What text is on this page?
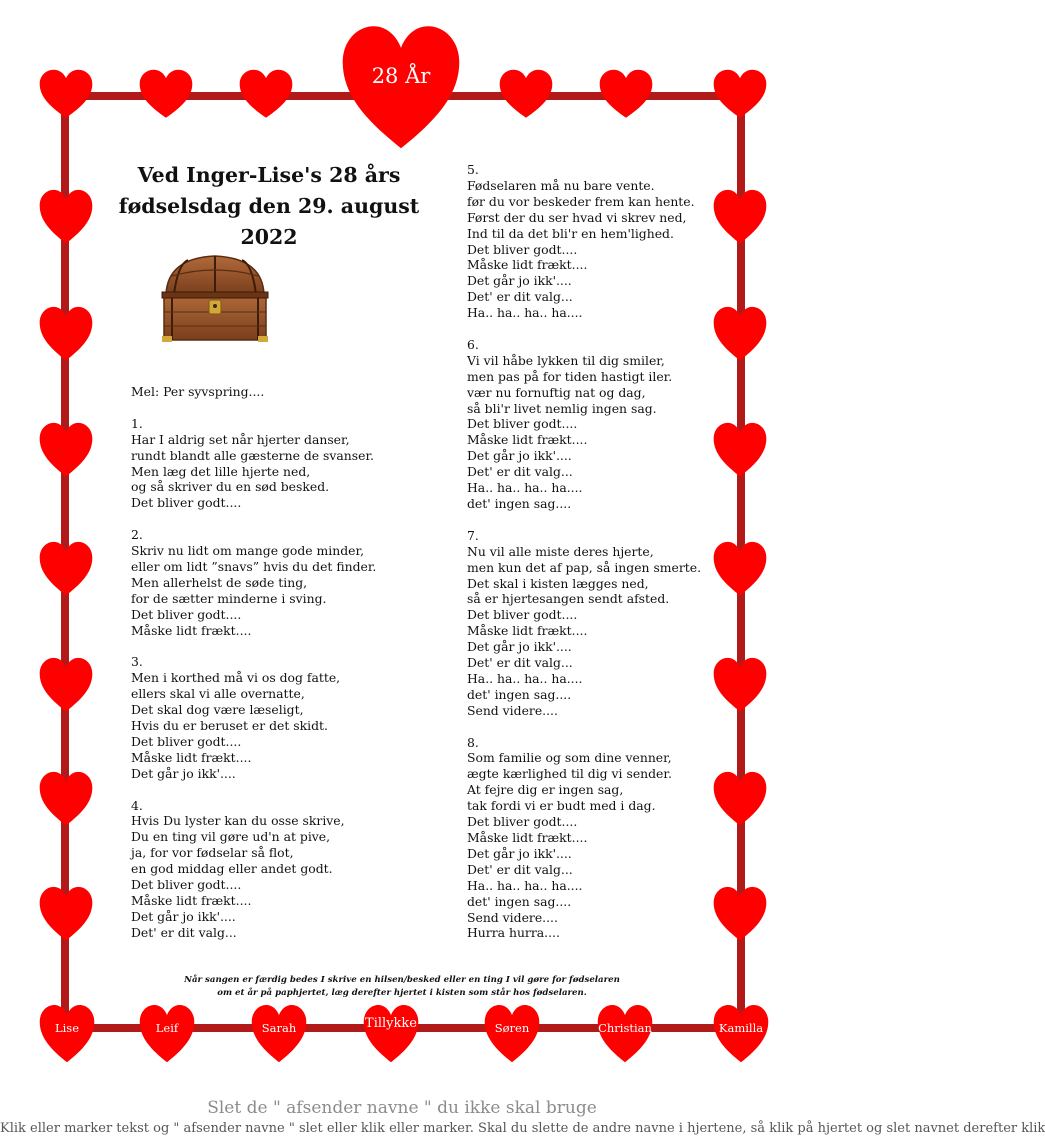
28 År
Lise	Leif	Sarah	Tillykke	Søren	Christian	Kamilla
Ved Inger-Lise's 28 års
fødselsdag den 29. august 2022
Mel: Per syvspring....
1.
Har I aldrig set når hjerter danser,
rundt blandt alle gæsterne de svanser.
Men læg det lille hjerte ned,
og så skriver du en sød besked.
Det bliver godt....
2.
Skriv nu lidt om mange gode minder,
eller om lidt ”snavs” hvis du det finder.
Men allerhelst de søde ting,
for de sætter minderne i sving.
Det bliver godt....
Måske lidt frækt....
3.
Men i korthed må vi os dog fatte,
ellers skal vi alle overnatte,
Det skal dog være læseligt,
Hvis du er beruset er det skidt.
Det bliver godt....
Måske lidt frækt....
Det går jo ikk'....
4.
Hvis Du lyster kan du osse skrive,
Du en ting vil gøre ud'n at pive,
ja, for vor fødselar så flot,
en god middag eller andet godt.
Det bliver godt....
Måske lidt frækt....
Det går jo ikk'....
Det' er dit valg...
5.
Fødselaren må nu bare vente.
før du vor beskeder frem kan hente.
Først der du ser hvad vi skrev ned,
Ind til da det bli'r en hem'lighed.
Det bliver godt....
Måske lidt frækt....
Det går jo ikk'....
Det' er dit valg...
Ha.. ha.. ha.. ha....
6.
Vi vil håbe lykken til dig smiler,
men pas på for tiden hastigt iler.
vær nu fornuftig nat og dag,
så bli'r livet nemlig ingen sag.
Det bliver godt....
Måske lidt frækt....
Det går jo ikk'....
Det' er dit valg...
Ha.. ha.. ha.. ha....
det' ingen sag....
7.
Nu vil alle miste deres hjerte,
men kun det af pap, så ingen smerte.
Det skal i kisten lægges ned,
så er hjertesangen sendt afsted.
Det bliver godt....
Måske lidt frækt....
Det går jo ikk'....
Det' er dit valg...
Ha.. ha.. ha.. ha....
det' ingen sag....
Send videre....
8.
Som familie og som dine venner,
ægte kærlighed til dig vi sender.
At fejre dig er ingen sag,
tak fordi vi er budt med i dag.
Det bliver godt....
Måske lidt frækt....
Det går jo ikk'....
Det' er dit valg...
Ha.. ha.. ha.. ha....
det' ingen sag....
Send videre....
Hurra hurra....
Når sangen er færdig bedes I skrive en hilsen/besked eller en ting I vil gøre for fødselaren
om et år på paphjertet, læg derefter hjertet i kisten som står hos fødselaren.
Slet de " afsender navne " du ikke skal bruge
Klik eller marker tekst og " afsender navne " slet eller klik eller marker. Skal du slette de andre navne i hjertene, så klik på hjertet og slet navnet derefter klik
